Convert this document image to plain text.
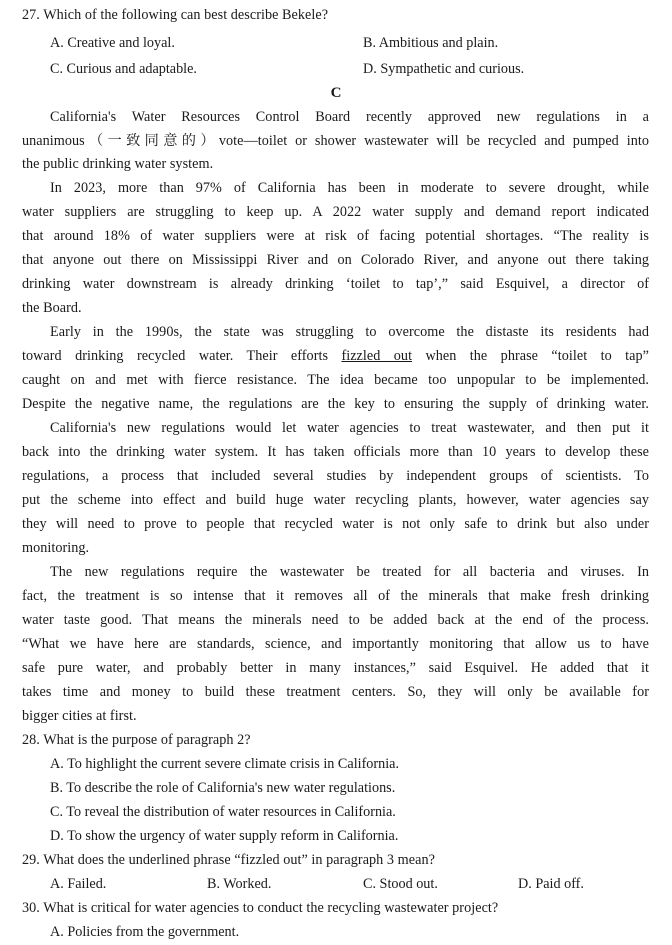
27. Which of the following can best describe Bekele?
A. Creative and loyal.	B. Ambitious and plain.
C. Curious and adaptable.	D. Sympathetic and curious.
C
California's Water Resources Control Board recently approved new regulations in a
unanimous（一致同意的）vote—toilet or shower wastewater will be recycled and pumped into
the public drinking water system.
In 2023, more than 97% of California has been in moderate to severe drought, while
water suppliers are struggling to keep up. A 2022 water supply and demand report indicated
that around 18% of water suppliers were at risk of facing potential shortages. “The reality is
that anyone out there on Mississippi River and on Colorado River, and anyone out there taking
drinking water downstream is already drinking ‘toilet to tap’,” said Esquivel, a director of
the Board.
Early in the 1990s, the state was struggling to overcome the distaste its residents had
toward drinking recycled water. Their efforts fizzled out when the phrase “toilet to tap”
caught on and met with fierce resistance. The idea became too unpopular to be implemented.
Despite the negative name, the regulations are the key to ensuring the supply of drinking water.
California's new regulations would let water agencies to treat wastewater, and then put it
back into the drinking water system. It has taken officials more than 10 years to develop these
regulations, a process that included several studies by independent groups of scientists. To
put the scheme into effect and build huge water recycling plants, however, water agencies say
they will need to prove to people that recycled water is not only safe to drink but also under
monitoring.
The new regulations require the wastewater be treated for all bacteria and viruses. In
fact, the treatment is so intense that it removes all of the minerals that make fresh drinking
water taste good. That means the minerals need to be added back at the end of the process.
“What we have here are standards, science, and importantly monitoring that allow us to have
safe pure water, and probably better in many instances,” said Esquivel. He added that it
takes time and money to build these treatment centers. So, they will only be available for
bigger cities at first.
28. What is the purpose of paragraph 2?
A. To highlight the current severe climate crisis in California.
B. To describe the role of California's new water regulations.
C. To reveal the distribution of water resources in California.
D. To show the urgency of water supply reform in California.
29. What does the underlined phrase “fizzled out” in paragraph 3 mean?
A. Failed.	B. Worked.	C. Stood out.	D. Paid off.
30. What is critical for water agencies to conduct the recycling wastewater project?
A. Policies from the government.
